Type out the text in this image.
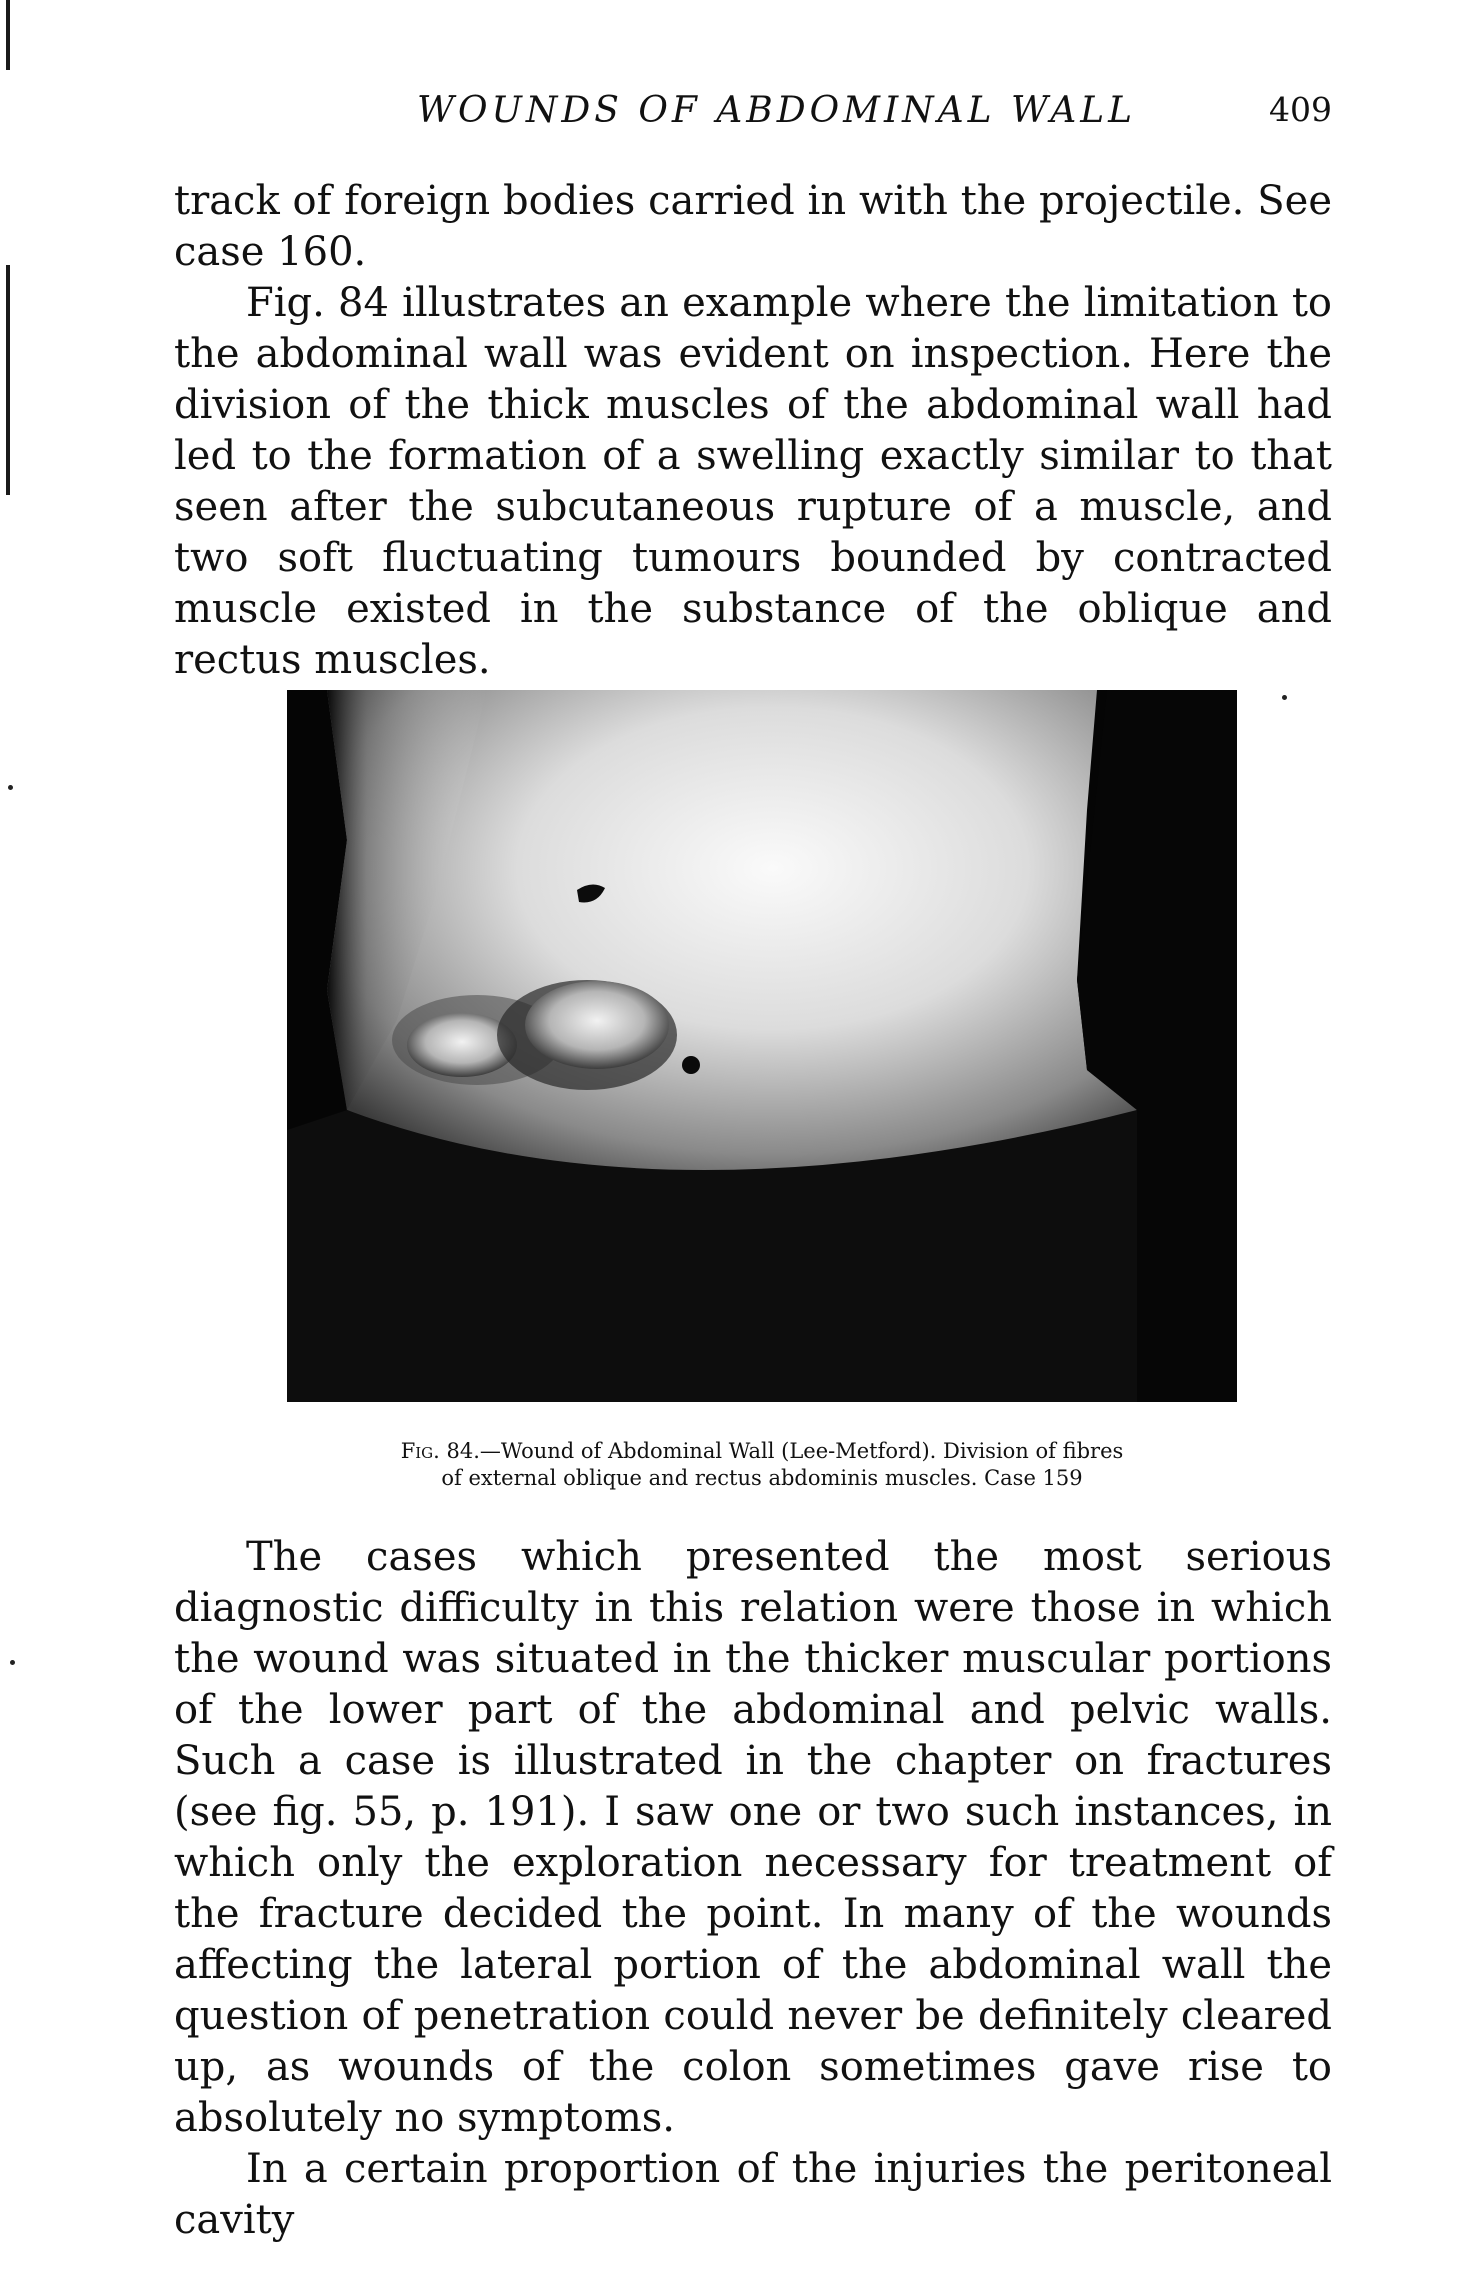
WOUNDS OF ABDOMINAL WALL	409

track of foreign bodies carried in with the projectile. See case 160.

Fig. 84 illustrates an example where the limitation to the abdominal wall was evident on inspection. Here the division of the thick muscles of the abdominal wall had led to the formation of a swelling exactly similar to that seen after the subcutaneous rupture of a muscle, and two soft fluctuating tumours bounded by contracted muscle existed in the substance of the oblique and rectus muscles.

Fig. 84.—Wound of Abdominal Wall (Lee-Metford). Division of fibres
of external oblique and rectus abdominis muscles. Case 159

The cases which presented the most serious diagnostic difficulty in this relation were those in which the wound was situated in the thicker muscular portions of the lower part of the abdominal and pelvic walls. Such a case is illustrated in the chapter on fractures (see fig. 55, p. 191). I saw one or two such instances, in which only the exploration necessary for treatment of the fracture decided the point. In many of the wounds affecting the lateral portion of the abdominal wall the question of penetration could never be definitely cleared up, as wounds of the colon sometimes gave rise to absolutely no symptoms.

In a certain proportion of the injuries the peritoneal cavity
